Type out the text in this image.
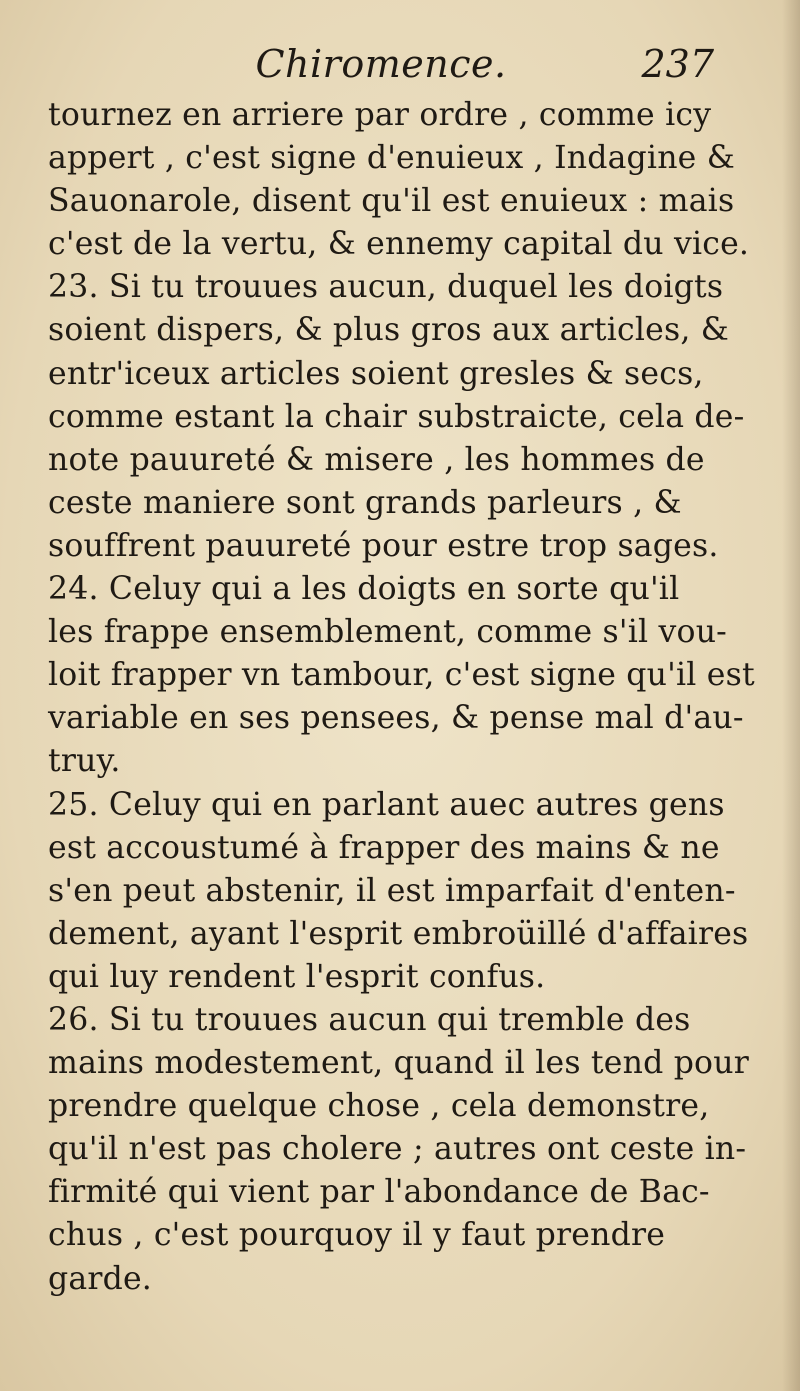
Chiromence.	237
tournez en arriere par ordre , comme icy
appert , c'est signe d'enuieux , Indagine &
Sauonarole, disent qu'il est enuieux : mais
c'est de la vertu, & ennemy capital du vice.
23. Si tu trouues aucun, duquel les doigts
soient dispers, & plus gros aux articles, &
entr'iceux articles soient gresles & secs,
comme estant la chair substraicte, cela de-
note pauureté & misere , les hommes de
ceste maniere sont grands parleurs , &
souffrent pauureté pour estre trop sages.
24. Celuy qui a les doigts en sorte qu'il
les frappe ensemblement, comme s'il vou-
loit frapper vn tambour, c'est signe qu'il est
variable en ses pensees, & pense mal d'au-
truy.
25. Celuy qui en parlant auec autres gens
est accoustumé à frapper des mains & ne
s'en peut abstenir, il est imparfait d'enten-
dement, ayant l'esprit embroüillé d'affaires
qui luy rendent l'esprit confus.
26. Si tu trouues aucun qui tremble des
mains modestement, quand il les tend pour
prendre quelque chose , cela demonstre,
qu'il n'est pas cholere ; autres ont ceste in-
firmité qui vient par l'abondance de Bac-
chus , c'est pourquoy il y faut prendre
garde.
